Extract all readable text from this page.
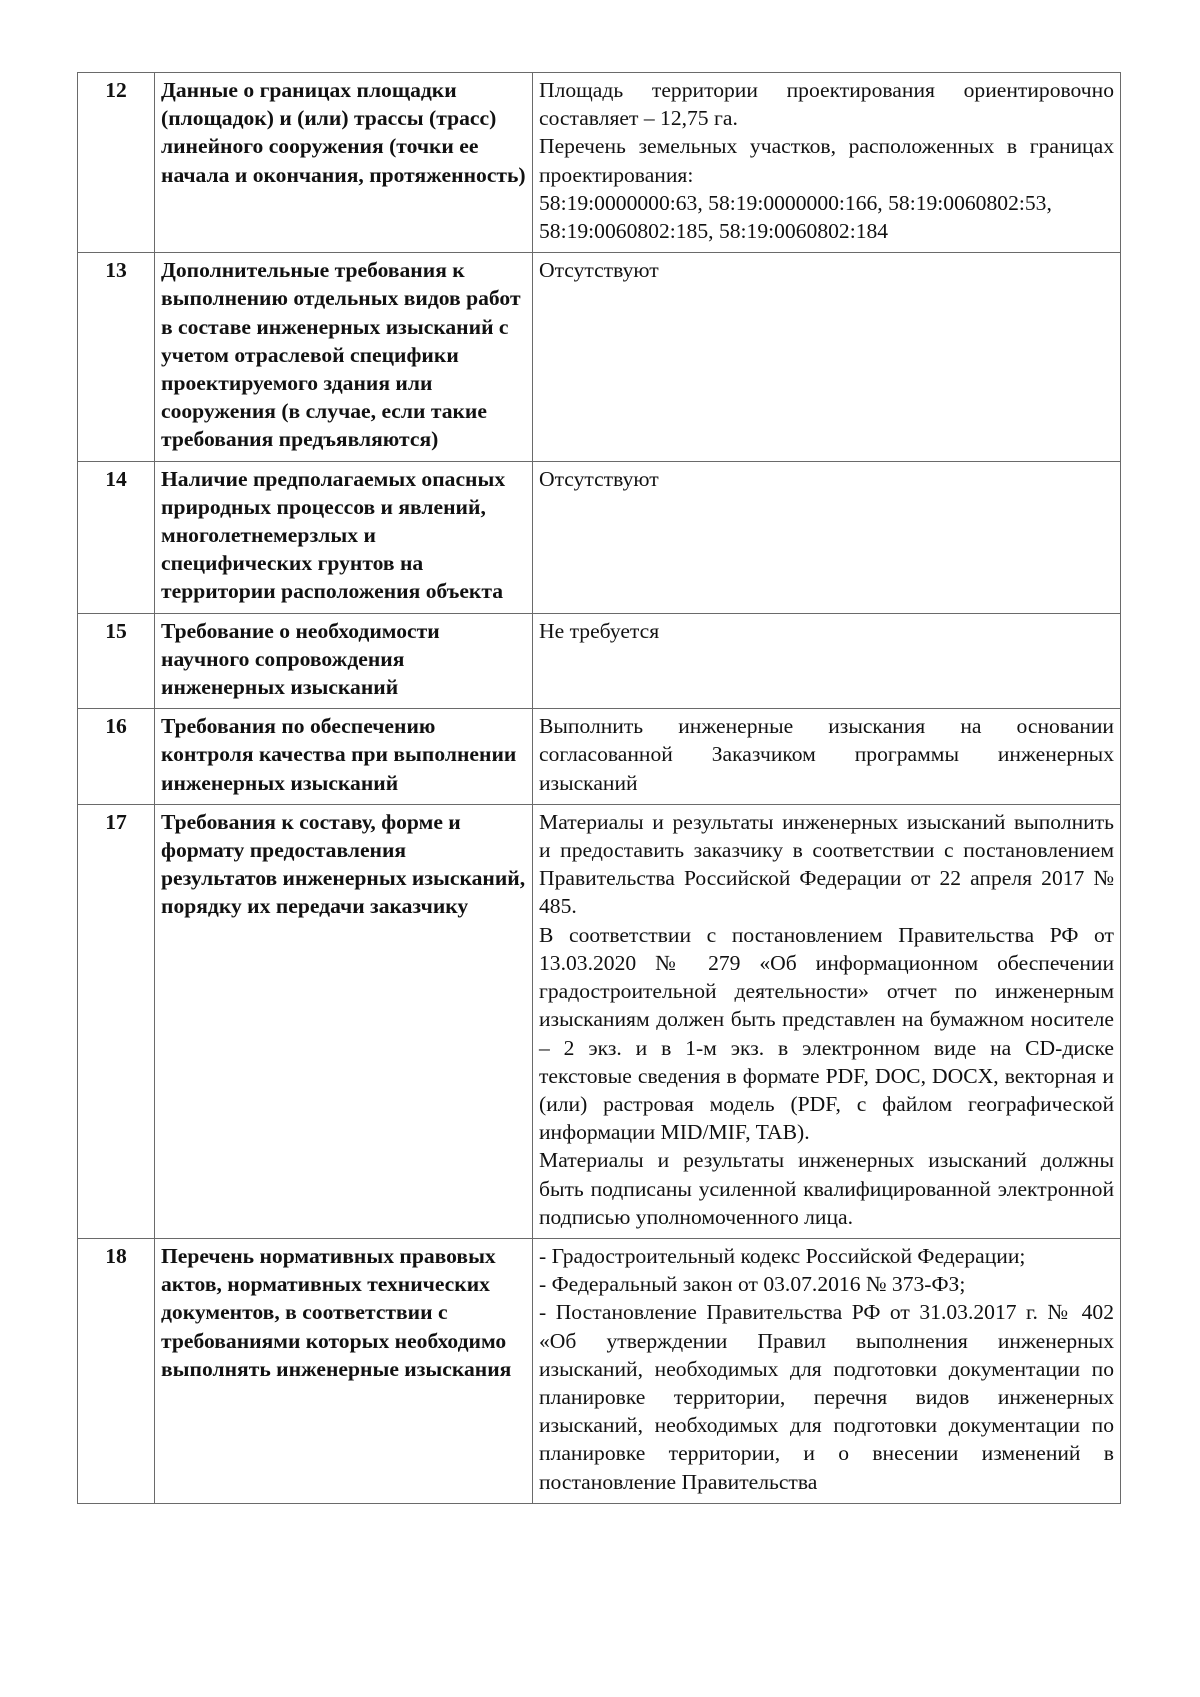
12	Данные о границах площадки (площадок) и (или) трассы (трасс) линейного сооружения (точки ее начала и окончания, протяженность)	Площадь территории проектирования ориентировочно составляет – 12,75 га.

Перечень земельных участков, расположенных в границах проектирования:

58:19:0000000:63, 58:19:0000000:166, 58:19:0060802:53, 58:19:0060802:185, 58:19:0060802:184

13	Дополнительные требования к выполнению отдельных видов работ в составе инженерных изысканий с учетом отраслевой специфики проектируемого здания или сооружения (в случае, если такие требования предъявляются)	Отсутствуют

14	Наличие предполагаемых опасных природных процессов и явлений, многолетнемерзлых и специфических грунтов на территории расположения объекта	Отсутствуют

15	Требование о необходимости научного сопровождения инженерных изысканий	Не требуется

16	Требования по обеспечению контроля качества при выполнении инженерных изысканий	Выполнить инженерные изыскания на основании согласованной Заказчиком программы инженерных изысканий

17	Требования к составу, форме и формату предоставления результатов инженерных изысканий, порядку их передачи заказчику	Материалы и результаты инженерных изысканий выполнить и предоставить заказчику в соответствии с постановлением Правительства Российской Федерации от 22 апреля 2017 № 485.

В соответствии с постановлением Правительства РФ от 13.03.2020 № 279 «Об информационном обеспечении градостроительной деятельности» отчет по инженерным изысканиям должен быть представлен на бумажном носителе – 2 экз. и в 1-м экз. в электронном виде на CD-диске текстовые сведения в формате PDF, DOC, DOCX, векторная и (или) растровая модель (PDF, с файлом географической информации MID/MIF, TAB).

Материалы и результаты инженерных изысканий должны быть подписаны усиленной квалифицированной электронной подписью уполномоченного лица.

18	Перечень нормативных правовых актов, нормативных технических документов, в соответствии с требованиями которых необходимо выполнять инженерные изыскания	- Градостроительный кодекс Российской Федерации;

- Федеральный закон от 03.07.2016 № 373-ФЗ;

- Постановление Правительства РФ от 31.03.2017 г. № 402 «Об утверждении Правил выполнения инженерных изысканий, необходимых для подготовки документации по планировке территории, перечня видов инженерных изысканий, необходимых для подготовки документации по планировке территории, и о внесении изменений в постановление Правительства
